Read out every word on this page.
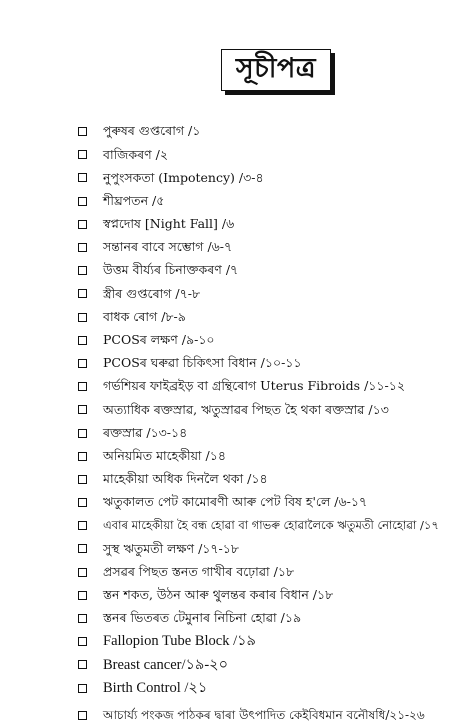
সূচীপত্ৰ
পুৰুষৰ গুপ্তৰোগ /১
বাজিকৰণ /২
নুপুংসকতা (Impotency) /৩-৪
শীঘ্ৰপতন /৫
স্বপ্নদোষ [Night Fall] /৬
সন্তানৰ বাবে সম্ভোগ /৬-৭
উত্তম বীৰ্য্যৰ চিনাক্তকৰণ /৭
স্ত্ৰীৰ গুপ্তৰোগ /৭-৮
বাধক ৰোগ /৮-৯
PCOSৰ লক্ষণ /৯-১০
PCOSৰ ঘৰুৱা চিকিৎসা বিধান /১০-১১
গৰ্ভশিয়ৰ ফাইব্ৰইড় বা গ্ৰন্থিৰোগ Uterus Fibroids /১১-১২
অত্যাধিক ৰক্তস্ৰাৱ, ঋতুস্ৰাৱৰ পিছত হৈ থকা ৰক্তস্ৰাৱ /১৩
ৰক্তস্ৰাৱ /১৩-১৪
অনিয়মিত মাহেকীয়া /১৪
মাহেকীয়া অধিক দিনলৈ থকা /১৪
ঋতুকালত পেট কামোৰণী আৰু পেট বিষ হ'লে /৬-১৭
এবাৰ মাহেকীয়া হৈ বন্ধ হোৱা বা গাভৰু হোৱালৈকে ঋতুমতী নোহোৱা /১৭
সুস্থ ঋতুমতী লক্ষণ /১৭-১৮
প্ৰসৱৰ পিছত স্তনত গাখীৰ বঢ়োৱা /১৮
স্তন শকত, উঠন আৰু থুলন্তৰ কৰাৰ বিধান /১৮
স্তনৰ ভিতৰত টেমুনাৰ নিচিনা হোৱা /১৯
Fallopion Tube Block /১৯
Breast cancer/১৯-২০
Birth Control /২১
আচাৰ্য্য পংকজ পাঠকৰ দ্বাৰা উৎপাদিত কেইবিধমান বনৌষধি/২১-২৬
